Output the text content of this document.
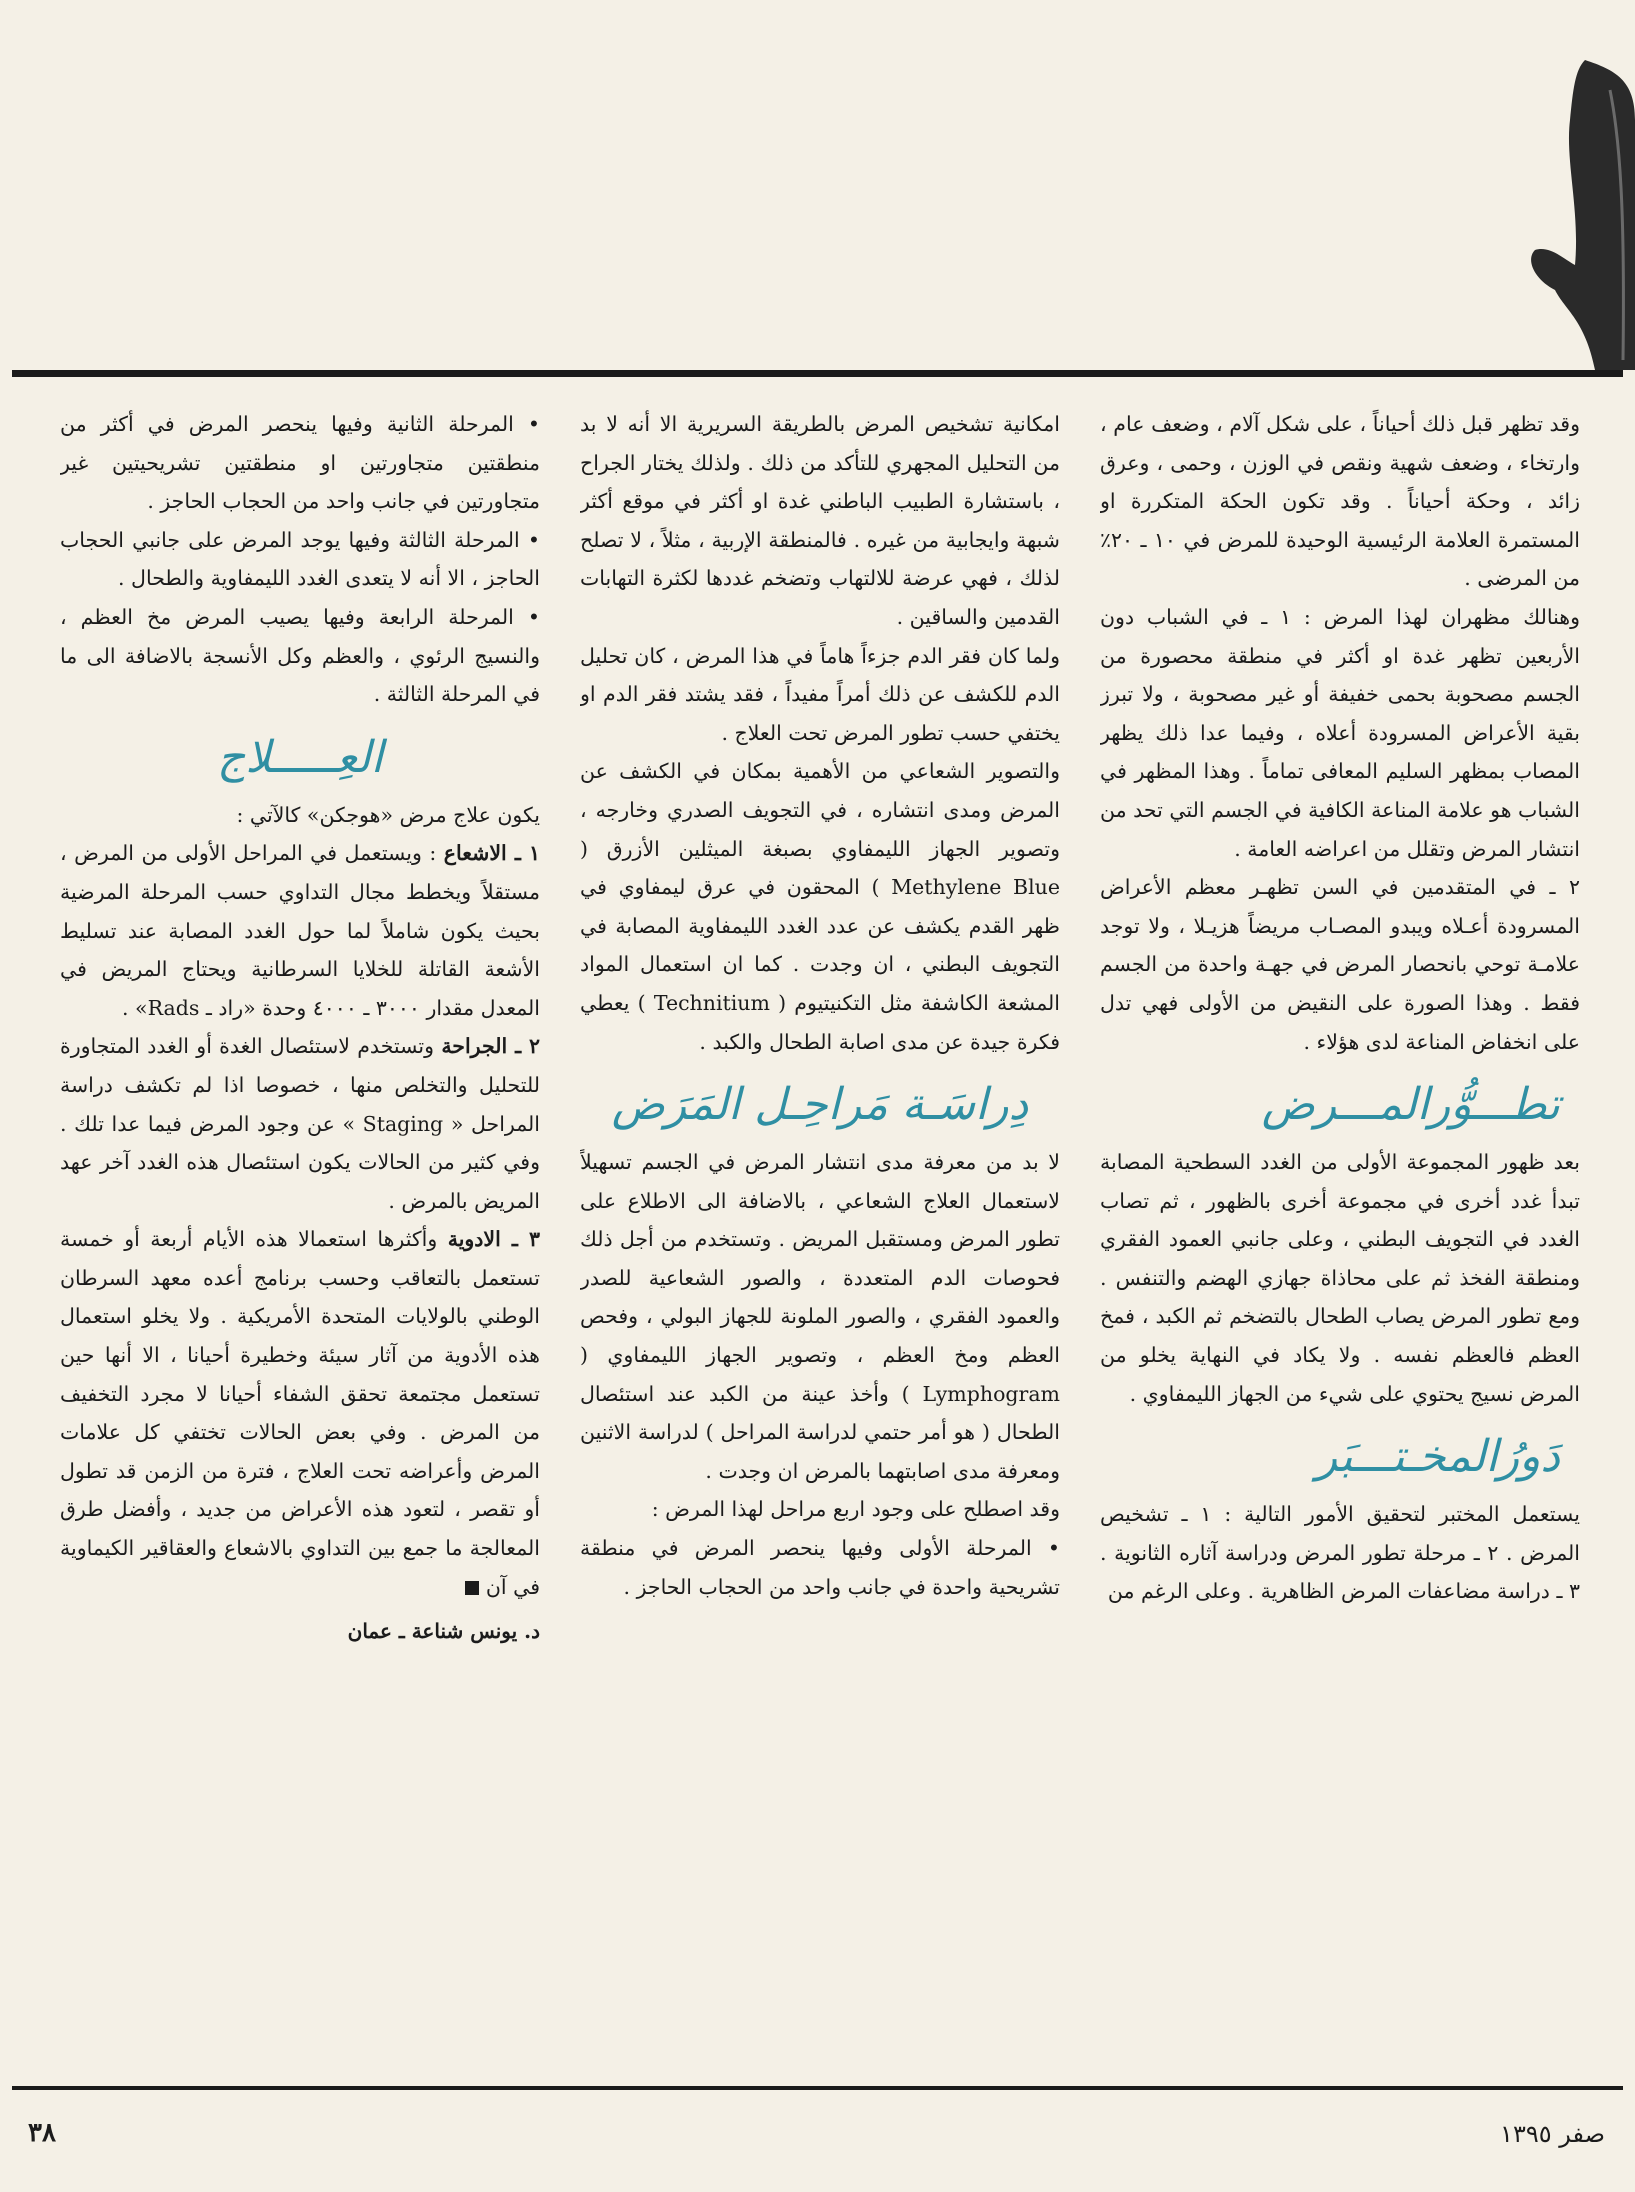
وقد تظهر قبل ذلك أحياناً ، على شكل آلام ، وضعف عام ، وارتخاء ، وضعف شهية ونقص في الوزن ، وحمى ، وعرق زائد ، وحكة أحياناً . وقد تكون الحكة المتكررة او المستمرة العلامة الرئيسية الوحيدة للمرض في ١٠ ـ ٢٠٪ من المرضى .

وهنالك مظهران لهذا المرض : ١ ـ في الشباب دون الأربعين تظهر غدة او أكثر في منطقة محصورة من الجسم مصحوبة بحمى خفيفة أو غير مصحوبة ، ولا تبرز بقية الأعراض المسرودة أعلاه ، وفيما عدا ذلك يظهر المصاب بمظهر السليم المعافى تماماً . وهذا المظهر في الشباب هو علامة المناعة الكافية في الجسم التي تحد من انتشار المرض وتقلل من اعراضه العامة .

٢ ـ في المتقدمين في السن تظهـر معظم الأعراض المسرودة أعـلاه ويبدو المصـاب مريضاً هزيـلا ، ولا توجد علامـة توحي بانحصار المرض في جهـة واحدة من الجسم فقط . وهذا الصورة على النقيض من الأولى فهي تدل على انخفاض المناعة لدى هؤلاء .

تطـــوُّرالمـــرض

بعد ظهور المجموعة الأولى من الغدد السطحية المصابة تبدأ غدد أخرى في مجموعة أخرى بالظهور ، ثم تصاب الغدد في التجويف البطني ، وعلى جانبي العمود الفقري ومنطقة الفخذ ثم على محاذاة جهازي الهضم والتنفس . ومع تطور المرض يصاب الطحال بالتضخم ثم الكبد ، فمخ العظم فالعظم نفسه . ولا يكاد في النهاية يخلو من المرض نسيج يحتوي على شيء من الجهاز الليمفاوي .

دَورُالمخـتـــبَر

يستعمل المختبر لتحقيق الأمور التالية : ١ ـ تشخيص المرض . ٢ ـ مرحلة تطور المرض ودراسة آثاره الثانوية . ٣ ـ دراسة مضاعفات المرض الظاهرية . وعلى الرغم من

امكانية تشخيص المرض بالطريقة السريرية الا أنه لا بد من التحليل المجهري للتأكد من ذلك . ولذلك يختار الجراح ، باستشارة الطبيب الباطني غدة او أكثر في موقع أكثر شبهة وايجابية من غيره . فالمنطقة الإربية ، مثلاً ، لا تصلح لذلك ، فهي عرضة للالتهاب وتضخم غددها لكثرة التهابات القدمين والساقين .

ولما كان فقر الدم جزءاً هاماً في هذا المرض ، كان تحليل الدم للكشف عن ذلك أمراً مفيداً ، فقد يشتد فقر الدم او يختفي حسب تطور المرض تحت العلاج .

والتصوير الشعاعي من الأهمية بمكان في الكشف عن المرض ومدى انتشاره ، في التجويف الصدري وخارجه ، وتصوير الجهاز الليمفاوي بصبغة الميثلين الأزرق ( Methylene Blue ) المحقون في عرق ليمفاوي في ظهر القدم يكشف عن عدد الغدد الليمفاوية المصابة في التجويف البطني ، ان وجدت . كما ان استعمال المواد المشعة الكاشفة مثل التكنيتيوم ( Technitium ) يعطي فكرة جيدة عن مدى اصابة الطحال والكبد .

دِراسَـة مَراحِـل المَرَض

لا بد من معرفة مدى انتشار المرض في الجسم تسهيلاً لاستعمال العلاج الشعاعي ، بالاضافة الى الاطلاع على تطور المرض ومستقبل المريض . وتستخدم من أجل ذلك فحوصات الدم المتعددة ، والصور الشعاعية للصدر والعمود الفقري ، والصور الملونة للجهاز البولي ، وفحص العظم ومخ العظم ، وتصوير الجهاز الليمفاوي ( Lymphogram ) وأخذ عينة من الكبد عند استئصال الطحال ( هو أمر حتمي لدراسة المراحل ) لدراسة الاثنين ومعرفة مدى اصابتهما بالمرض ان وجدت .

وقد اصطلح على وجود اربع مراحل لهذا المرض :

• المرحلة الأولى وفيها ينحصر المرض في منطقة تشريحية واحدة في جانب واحد من الحجاب الحاجز .

• المرحلة الثانية وفيها ينحصر المرض في أكثر من منطقتين متجاورتين او منطقتين تشريحيتين غير متجاورتين في جانب واحد من الحجاب الحاجز .

• المرحلة الثالثة وفيها يوجد المرض على جانبي الحجاب الحاجز ، الا أنه لا يتعدى الغدد الليمفاوية والطحال .

• المرحلة الرابعة وفيها يصيب المرض مخ العظم ، والنسيج الرئوي ، والعظم وكل الأنسجة بالاضافة الى ما في المرحلة الثالثة .

العِـــــلاج

يكون علاج مرض «هوجكن» كالآتي :

١ ـ الاشعاع : ويستعمل في المراحل الأولى من المرض ، مستقلاً ويخطط مجال التداوي حسب المرحلة المرضية بحيث يكون شاملاً لما حول الغدد المصابة عند تسليط الأشعة القاتلة للخلايا السرطانية ويحتاج المريض في المعدل مقدار ٣٠٠٠ ـ ٤٠٠٠ وحدة «راد ـ Rads» .

٢ ـ الجراحة وتستخدم لاستئصال الغدة أو الغدد المتجاورة للتحليل والتخلص منها ، خصوصا اذا لم تكشف دراسة المراحل « Staging » عن وجود المرض فيما عدا تلك . وفي كثير من الحالات يكون استئصال هذه الغدد آخر عهد المريض بالمرض .

٣ ـ الادوية وأكثرها استعمالا هذه الأيام أربعة أو خمسة تستعمل بالتعاقب وحسب برنامج أعده معهد السرطان الوطني بالولايات المتحدة الأمريكية . ولا يخلو استعمال هذه الأدوية من آثار سيئة وخطيرة أحيانا ، الا أنها حين تستعمل مجتمعة تحقق الشفاء أحيانا لا مجرد التخفيف من المرض . وفي بعض الحالات تختفي كل علامات المرض وأعراضه تحت العلاج ، فترة من الزمن قد تطول أو تقصر ، لتعود هذه الأعراض من جديد ، وأفضل طرق المعالجة ما جمع بين التداوي بالاشعاع والعقاقير الكيماوية في آن

د. يونس شناعة ـ عمان
٣٨	صفر ١٣٩٥
